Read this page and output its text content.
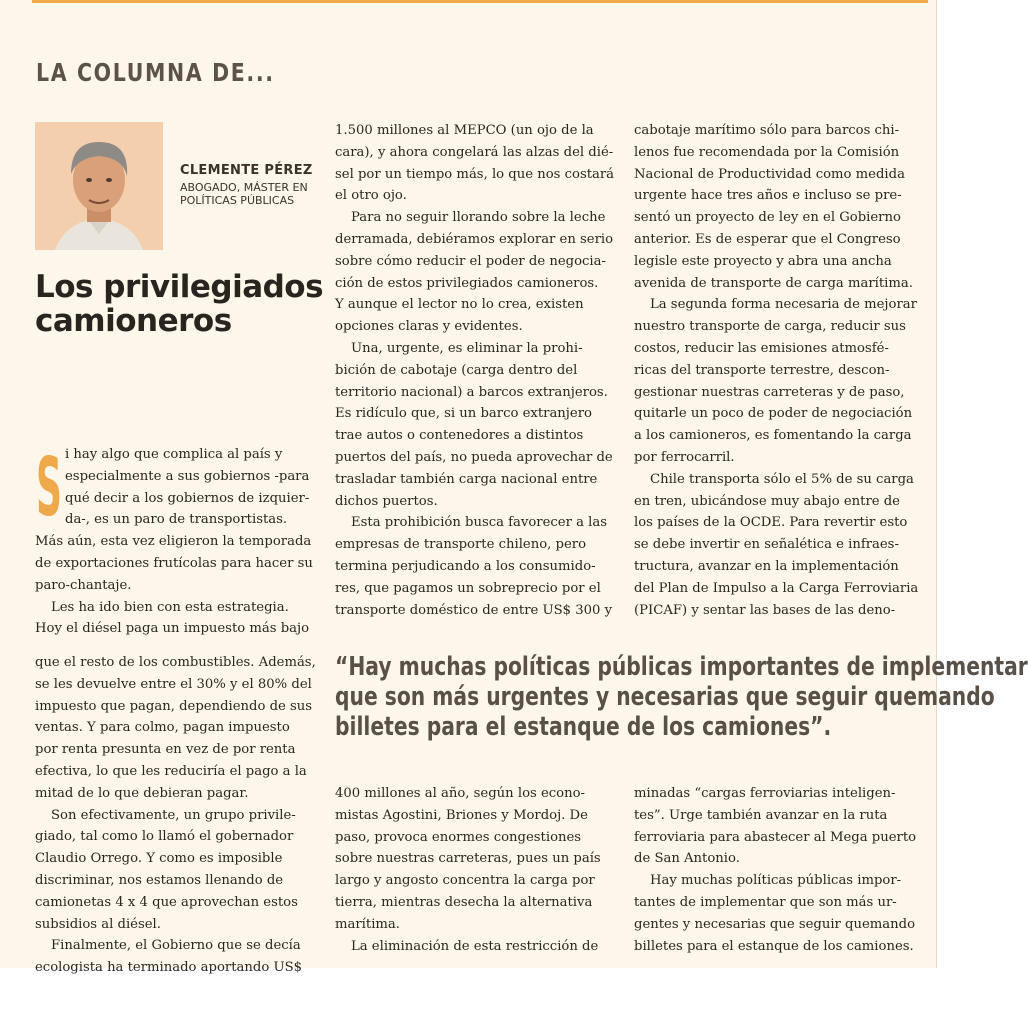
LA COLUMNA DE...
CLEMENTE PÉREZ
ABOGADO, MÁSTER EN
POLÍTICAS PÚBLICAS
Los privilegiados
camioneros
S i hay algo que complica al país y
especialmente a sus gobiernos -para
qué decir a los gobiernos de izquier-
da-, es un paro de transportistas.
Más aún, esta vez eligieron la temporada
de exportaciones frutícolas para hacer su
paro-chantaje.
Les ha ido bien con esta estrategia.
Hoy el diésel paga un impuesto más bajo
que el resto de los combustibles. Además,
se les devuelve entre el 30% y el 80% del
impuesto que pagan, dependiendo de sus
ventas. Y para colmo, pagan impuesto
por renta presunta en vez de por renta
efectiva, lo que les reduciría el pago a la
mitad de lo que debieran pagar.
Son efectivamente, un grupo privile-
giado, tal como lo llamó el gobernador
Claudio Orrego. Y como es imposible
discriminar, nos estamos llenando de
camionetas 4 x 4 que aprovechan estos
subsidios al diésel.
Finalmente, el Gobierno que se decía
ecologista ha terminado aportando US$
1.500 millones al MEPCO (un ojo de la
cara), y ahora congelará las alzas del dié-
sel por un tiempo más, lo que nos costará
el otro ojo.
Para no seguir llorando sobre la leche
derramada, debiéramos explorar en serio
sobre cómo reducir el poder de negocia-
ción de estos privilegiados camioneros.
Y aunque el lector no lo crea, existen
opciones claras y evidentes.
Una, urgente, es eliminar la prohi-
bición de cabotaje (carga dentro del
territorio nacional) a barcos extranjeros.
Es ridículo que, si un barco extranjero
trae autos o contenedores a distintos
puertos del país, no pueda aprovechar de
trasladar también carga nacional entre
dichos puertos.
Esta prohibición busca favorecer a las
empresas de transporte chileno, pero
termina perjudicando a los consumido-
res, que pagamos un sobreprecio por el
transporte doméstico de entre US$ 300 y
400 millones al año, según los econo-
mistas Agostini, Briones y Mordoj. De
paso, provoca enormes congestiones
sobre nuestras carreteras, pues un país
largo y angosto concentra la carga por
tierra, mientras desecha la alternativa
marítima.
La eliminación de esta restricción de
cabotaje marítimo sólo para barcos chi-
lenos fue recomendada por la Comisión
Nacional de Productividad como medida
urgente hace tres años e incluso se pre-
sentó un proyecto de ley en el Gobierno
anterior. Es de esperar que el Congreso
legisle este proyecto y abra una ancha
avenida de transporte de carga marítima.
La segunda forma necesaria de mejorar
nuestro transporte de carga, reducir sus
costos, reducir las emisiones atmosfé-
ricas del transporte terrestre, descon-
gestionar nuestras carreteras y de paso,
quitarle un poco de poder de negociación
a los camioneros, es fomentando la carga
por ferrocarril.
Chile transporta sólo el 5% de su carga
en tren, ubicándose muy abajo entre de
los países de la OCDE. Para revertir esto
se debe invertir en señalética e infraes-
tructura, avanzar en la implementación
del Plan de Impulso a la Carga Ferroviaria
(PICAF) y sentar las bases de las deno-
minadas “cargas ferroviarias inteligen-
tes”. Urge también avanzar en la ruta
ferroviaria para abastecer al Mega puerto
de San Antonio.
Hay muchas políticas públicas impor-
tantes de implementar que son más ur-
gentes y necesarias que seguir quemando
billetes para el estanque de los camiones.
“Hay muchas políticas públicas importantes de implementar
que son más urgentes y necesarias que seguir quemando
billetes para el estanque de los camiones”.
